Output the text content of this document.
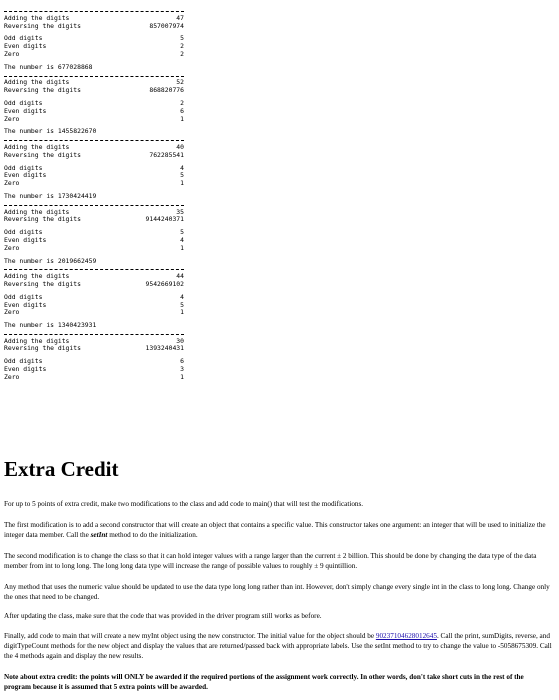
Adding the digits	47
Reversing the digits	857007974
Odd digits	5
Even digits	2
Zero	2
The number is 677028868
Adding the digits	52
Reversing the digits	868820776
Odd digits	2
Even digits	6
Zero	1
The number is 1455822670
Adding the digits	40
Reversing the digits	762285541
Odd digits	4
Even digits	5
Zero	1
The number is 1730424419
Adding the digits	35
Reversing the digits	9144240371
Odd digits	5
Even digits	4
Zero	1
The number is 2019662459
Adding the digits	44
Reversing the digits	9542669102
Odd digits	4
Even digits	5
Zero	1
The number is 1340423931
Adding the digits	30
Reversing the digits	1393240431
Odd digits	6
Even digits	3
Zero	1
Extra Credit

For up to 5 points of extra credit, make two modifications to the class and add code to main() that will test the modifications.

The first modification is to add a second constructor that will create an object that contains a specific value. This constructor takes one argument: an integer that will be used to initialize the integer data member. Call the setInt method to do the initialization.

The second modification is to change the class so that it can hold integer values with a range larger than the current ± 2 billion. This should be done by changing the data type of the data member from int to long long. The long long data type will increase the range of possible values to roughly ± 9 quintillion.

Any method that uses the numeric value should be updated to use the data type long long rather than int. However, don't simply change every single int in the class to long long. Change only the ones that need to be changed.

After updating the class, make sure that the code that was provided in the driver program still works as before.

Finally, add code to main that will create a new myInt object using the new constructor. The initial value for the object should be 90237104628012645. Call the print, sumDigits, reverse, and digitTypeCount methods for the new object and display the values that are returned/passed back with appropriate labels. Use the setInt method to try to change the value to -5058675309. Call the 4 methods again and display the new results.

Note about extra credit: the points will ONLY be awarded if the required portions of the assignment work correctly. In other words, don't take short cuts in the rest of the program because it is assumed that 5 extra points will be awarded.
